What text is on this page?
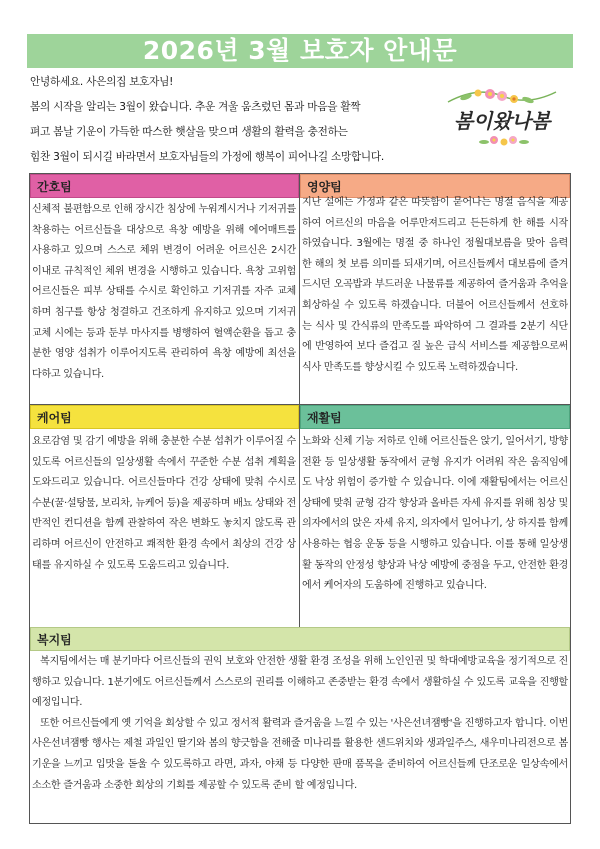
2026년 3월 보호자 안내문

안녕하세요. 사은의집 보호자님!

봄의 시작을 알리는 3월이 왔습니다. 추운 겨울 움츠렸던 몸과 마음을 활짝

펴고 봄날 기운이 가득한 따스한 햇살을 맞으며 생활의 활력을 충전하는

힘찬 3월이 되시길 바라면서 보호자님들의 가정에 행복이 피어나길 소망합니다.

봄이왔나봄
간호팀

신체적 불편함으로 인해 장시간 침상에 누워계시거나 기저귀를 착용하는 어르신들을 대상으로 욕창 예방을 위해 에어매트를 사용하고 있으며 스스로 체위 변경이 어려운 어르신은 2시간 이내로 규칙적인 체위 변경을 시행하고 있습니다. 욕창 고위험 어르신들은 피부 상태를 수시로 확인하고 기저귀를 자주 교체하며 침구를 항상 청결하고 건조하게 유지하고 있으며 기저귀 교체 시에는 등과 둔부 마사지를 병행하여 혈액순환을 돕고 충분한 영양 섭취가 이루어지도록 관리하여 욕창 예방에 최선을 다하고 있습니다.

영양팀

지난 설에는 가정과 같은 따뜻함이 묻어나는 명절 음식을 제공하여 어르신의 마음을 어루만져드리고 든든하게 한 해를 시작하였습니다. 3월에는 명절 중 하나인 정월대보름을 맞아 음력 한 해의 첫 보름 의미를 되새기며, 어르신들께서 대보름에 즐겨 드시던 오곡밥과 부드러운 나물류를 제공하여 즐거움과 추억을 회상하실 수 있도록 하겠습니다. 더불어 어르신들께서 선호하는 식사 및 간식류의 만족도를 파악하여 그 결과를 2분기 식단에 반영하여 보다 즐겁고 질 높은 급식 서비스를 제공함으로써 식사 만족도를 향상시킬 수 있도록 노력하겠습니다.

케어팀

요로감염 및 감기 예방을 위해 충분한 수분 섭취가 이루어질 수 있도록 어르신들의 일상생활 속에서 꾸준한 수분 섭취 계획을 도와드리고 있습니다. 어르신들마다 건강 상태에 맞춰 수시로 수분(꿀·설탕물, 보리차, 뉴케어 등)을 제공하며 배뇨 상태와 전반적인 컨디션을 함께 관찰하여 작은 변화도 놓치지 않도록 관리하며 어르신이 안전하고 쾌적한 환경 속에서 최상의 건강 상태를 유지하실 수 있도록 도움드리고 있습니다.

재활팀

노화와 신체 기능 저하로 인해 어르신들은 앉기, 일어서기, 방향 전환 등 일상생활 동작에서 균형 유지가 어려워 작은 움직임에도 낙상 위험이 증가할 수 있습니다. 이에 재활팀에서는 어르신 상태에 맞춰 균형 감각 향상과 올바른 자세 유지를 위해 침상 및 의자에서의 앉은 자세 유지, 의자에서 일어나기, 상 하지를 함께 사용하는 협응 운동 등을 시행하고 있습니다. 이를 통해 일상생활 동작의 안정성 향상과 낙상 예방에 중점을 두고, 안전한 환경에서 케어자의 도움하에 진행하고 있습니다.

복지팀

복지팀에서는 매 분기마다 어르신들의 권익 보호와 안전한 생활 환경 조성을 위해 노인인권 및 학대예방교육을 정기적으로 진행하고 있습니다. 1분기에도 어르신들께서 스스로의 권리를 이해하고 존중받는 환경 속에서 생활하실 수 있도록 교육을 진행할 예정입니다.

또한 어르신들에게 옛 기억을 회상할 수 있고 정서적 활력과 즐거움을 느낄 수 있는 '사은선녀잼빵'을 진행하고자 합니다. 이번 사은선녀잼빵 행사는 제철 과일인 딸기와 봄의 향긋함을 전해줄 미나리를 활용한 샌드위치와 생과일주스, 새우미나리전으로 봄 기운을 느끼고 입맛을 돋울 수 있도록하고 라면, 과자, 야채 등 다양한 판매 품목을 준비하여 어르신들께 단조로운 일상속에서 소소한 즐거움과 소중한 회상의 기회를 제공할 수 있도록 준비 할 예정입니다.
